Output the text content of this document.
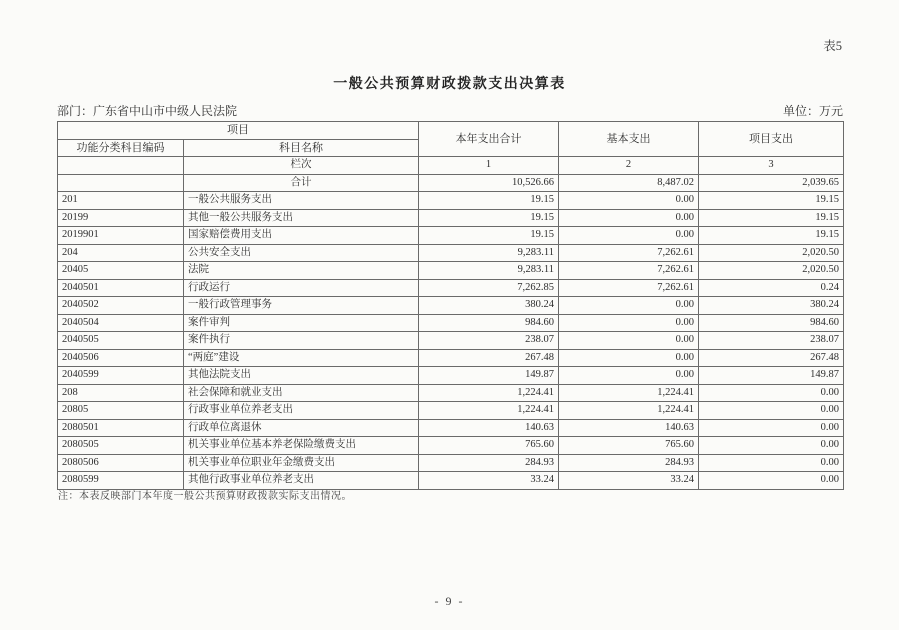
表5
一般公共预算财政拨款支出决算表
部门：广东省中山市中级人民法院	单位：万元
项目		本年支出合计	基本支出	项目支出
功能分类科目编码	科目名称			
	栏次	1	2	3
	合计	10,526.66	8,487.02	2,039.65
201	一般公共服务支出	19.15	0.00	19.15
20199	其他一般公共服务支出	19.15	0.00	19.15
2019901	国家赔偿费用支出	19.15	0.00	19.15
204	公共安全支出	9,283.11	7,262.61	2,020.50
20405	法院	9,283.11	7,262.61	2,020.50
2040501	行政运行	7,262.85	7,262.61	0.24
2040502	一般行政管理事务	380.24	0.00	380.24
2040504	案件审判	984.60	0.00	984.60
2040505	案件执行	238.07	0.00	238.07
2040506	“两庭”建设	267.48	0.00	267.48
2040599	其他法院支出	149.87	0.00	149.87
208	社会保障和就业支出	1,224.41	1,224.41	0.00
20805	行政事业单位养老支出	1,224.41	1,224.41	0.00
2080501	行政单位离退休	140.63	140.63	0.00
2080505	机关事业单位基本养老保险缴费支出	765.60	765.60	0.00
2080506	机关事业单位职业年金缴费支出	284.93	284.93	0.00
2080599	其他行政事业单位养老支出	33.24	33.24	0.00
注：本表反映部门本年度一般公共预算财政拨款实际支出情况。
- 9 -
